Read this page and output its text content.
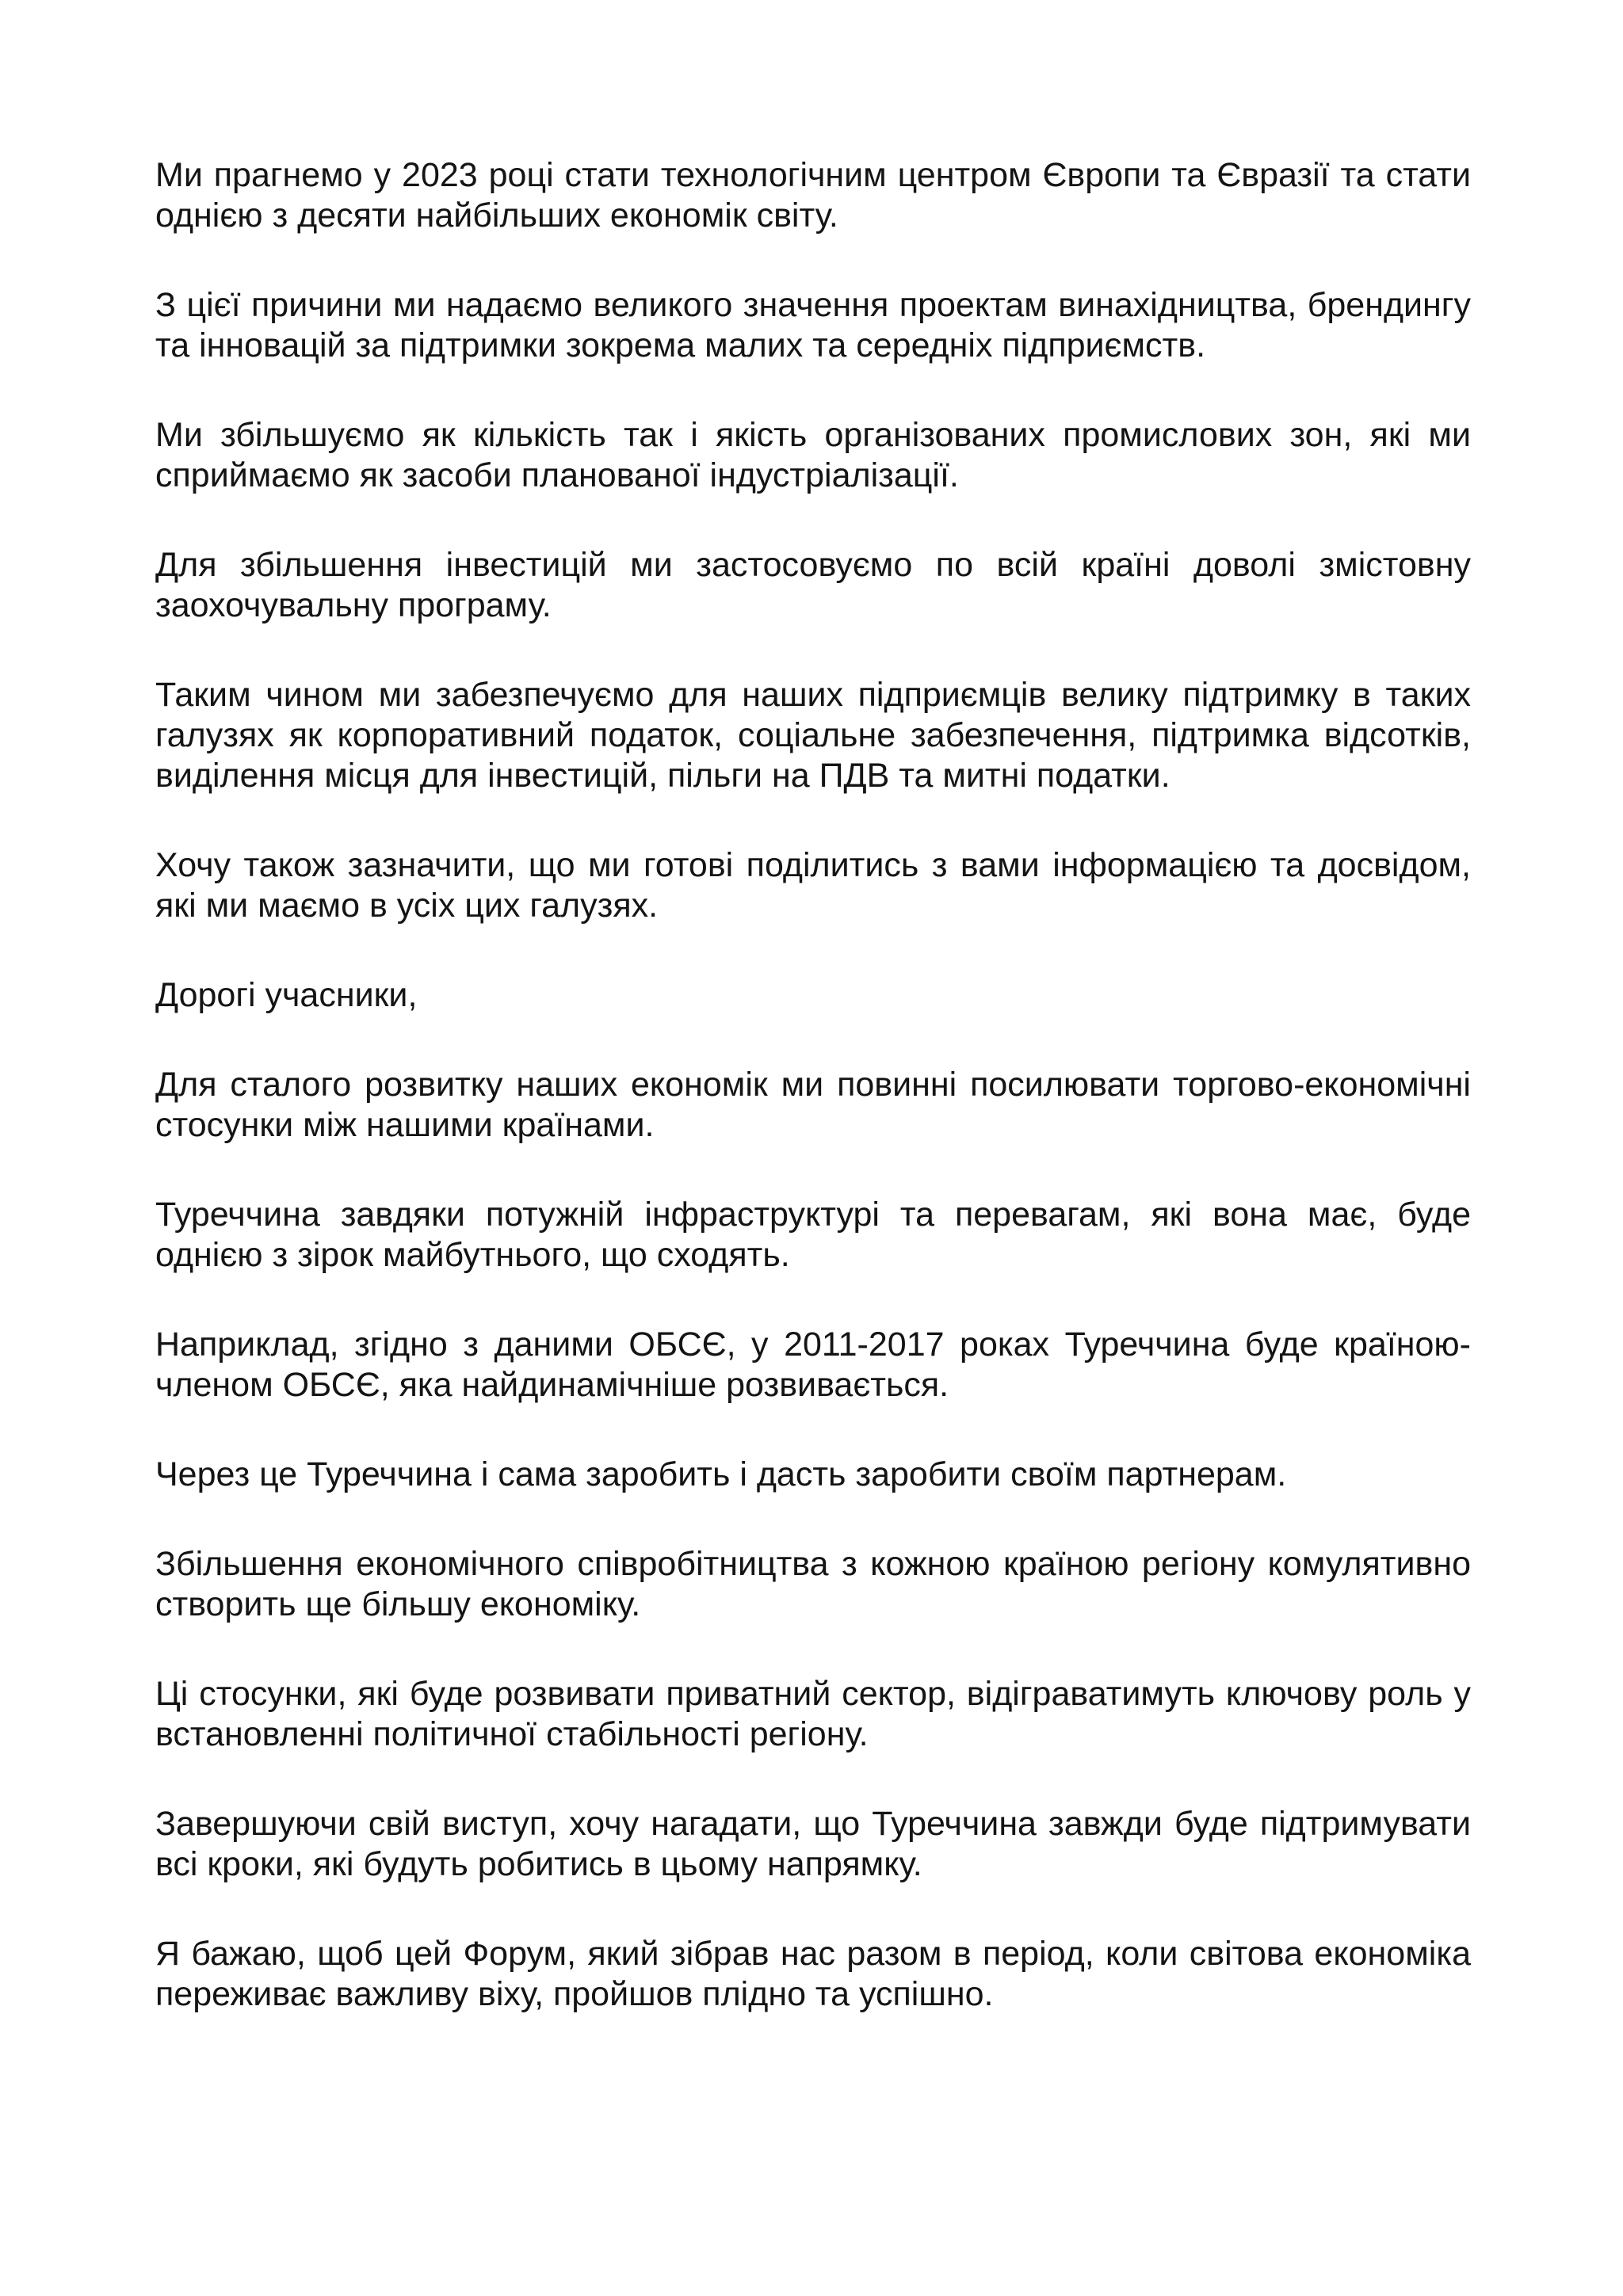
Ми прагнемо у 2023 році стати технологічним центром Європи та Євразії та стати однією з десяти найбільших економік світу.

З цієї причини ми надаємо великого значення проектам винахідництва, брендингу та інновацій за підтримки зокрема малих та середніх підприємств.

Ми збільшуємо як кількість так і якість організованих промислових зон, які ми сприймаємо як засоби планованої індустріалізації.

Для збільшення інвестицій ми застосовуємо по всій країні доволі змістовну заохочувальну програму.

Таким чином ми забезпечуємо для наших підприємців велику підтримку в таких галузях як корпоративний податок, соціальне забезпечення, підтримка відсотків, виділення місця для інвестицій, пільги на ПДВ та митні податки.

Хочу також зазначити, що ми готові поділитись з вами інформацією та досвідом, які ми маємо в усіх цих галузях.

Дорогі учасники,

Для сталого розвитку наших економік ми повинні посилювати торгово-економічні стосунки між нашими країнами.

Туреччина завдяки потужній інфраструктурі та перевагам, які вона має, буде однією з зірок майбутнього, що сходять.

Наприклад, згідно з даними ОБСЄ, у 2011-2017 роках Туреччина буде країною-членом ОБСЄ, яка найдинамічніше розвивається.

Через це Туреччина і сама заробить і дасть заробити своїм партнерам.

Збільшення економічного співробітництва з кожною країною регіону комулятивно створить ще більшу економіку.

Ці стосунки, які буде розвивати приватний сектор, відіграватимуть ключову роль у встановленні політичної стабільності регіону.

Завершуючи свій виступ, хочу нагадати, що Туреччина завжди буде підтримувати всі кроки, які будуть робитись в цьому напрямку.

Я бажаю, щоб цей Форум, який зібрав нас разом в період, коли світова економіка переживає важливу віху, пройшов плідно та успішно.
